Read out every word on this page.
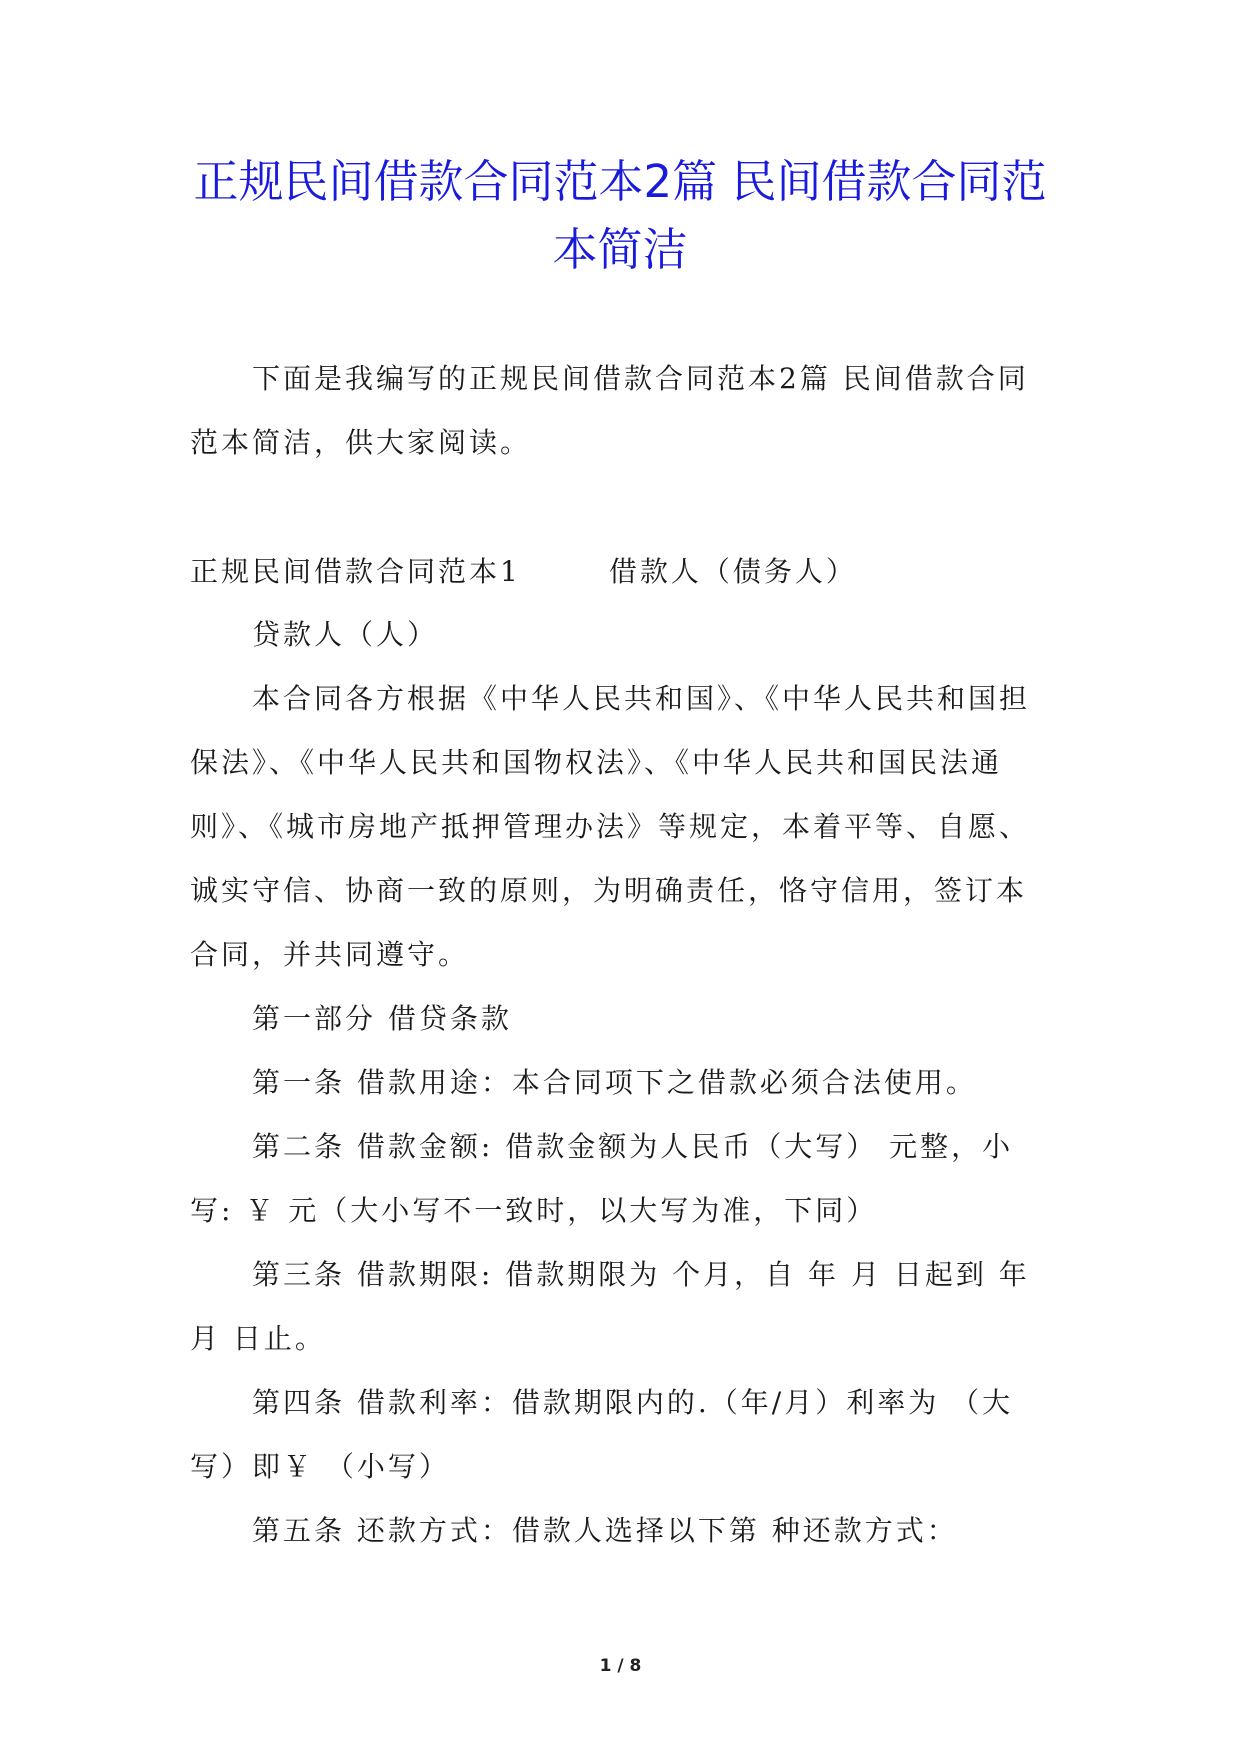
正规民间借款合同范本2篇 民间借款合同范本简洁

下面是我编写的正规民间借款合同范本2篇 民间借款合同范本简洁，供大家阅读。

正规民间借款合同范本1	借款人（债务人）

贷款人（人）

本合同各方根据《中华人民共和国》、《中华人民共和国担保法》、《中华人民共和国物权法》、《中华人民共和国民法通则》、《城市房地产抵押管理办法》等规定，本着平等、自愿、诚实守信、协商一致的原则，为明确责任，恪守信用，签订本合同，并共同遵守。

第一部分 借贷条款

第一条 借款用途：本合同项下之借款必须合法使用。

第二条 借款金额: 借款金额为人民币（大写） 元整，小写: ￥ 元（大小写不一致时，以大写为准，下同）

第三条 借款期限: 借款期限为 个月，自 年 月 日起到 年 月 日止。

第四条 借款利率：借款期限内的.（年/月）利率为 （大写）即￥ （小写）

第五条 还款方式：借款人选择以下第 种还款方式：

1 / 8
